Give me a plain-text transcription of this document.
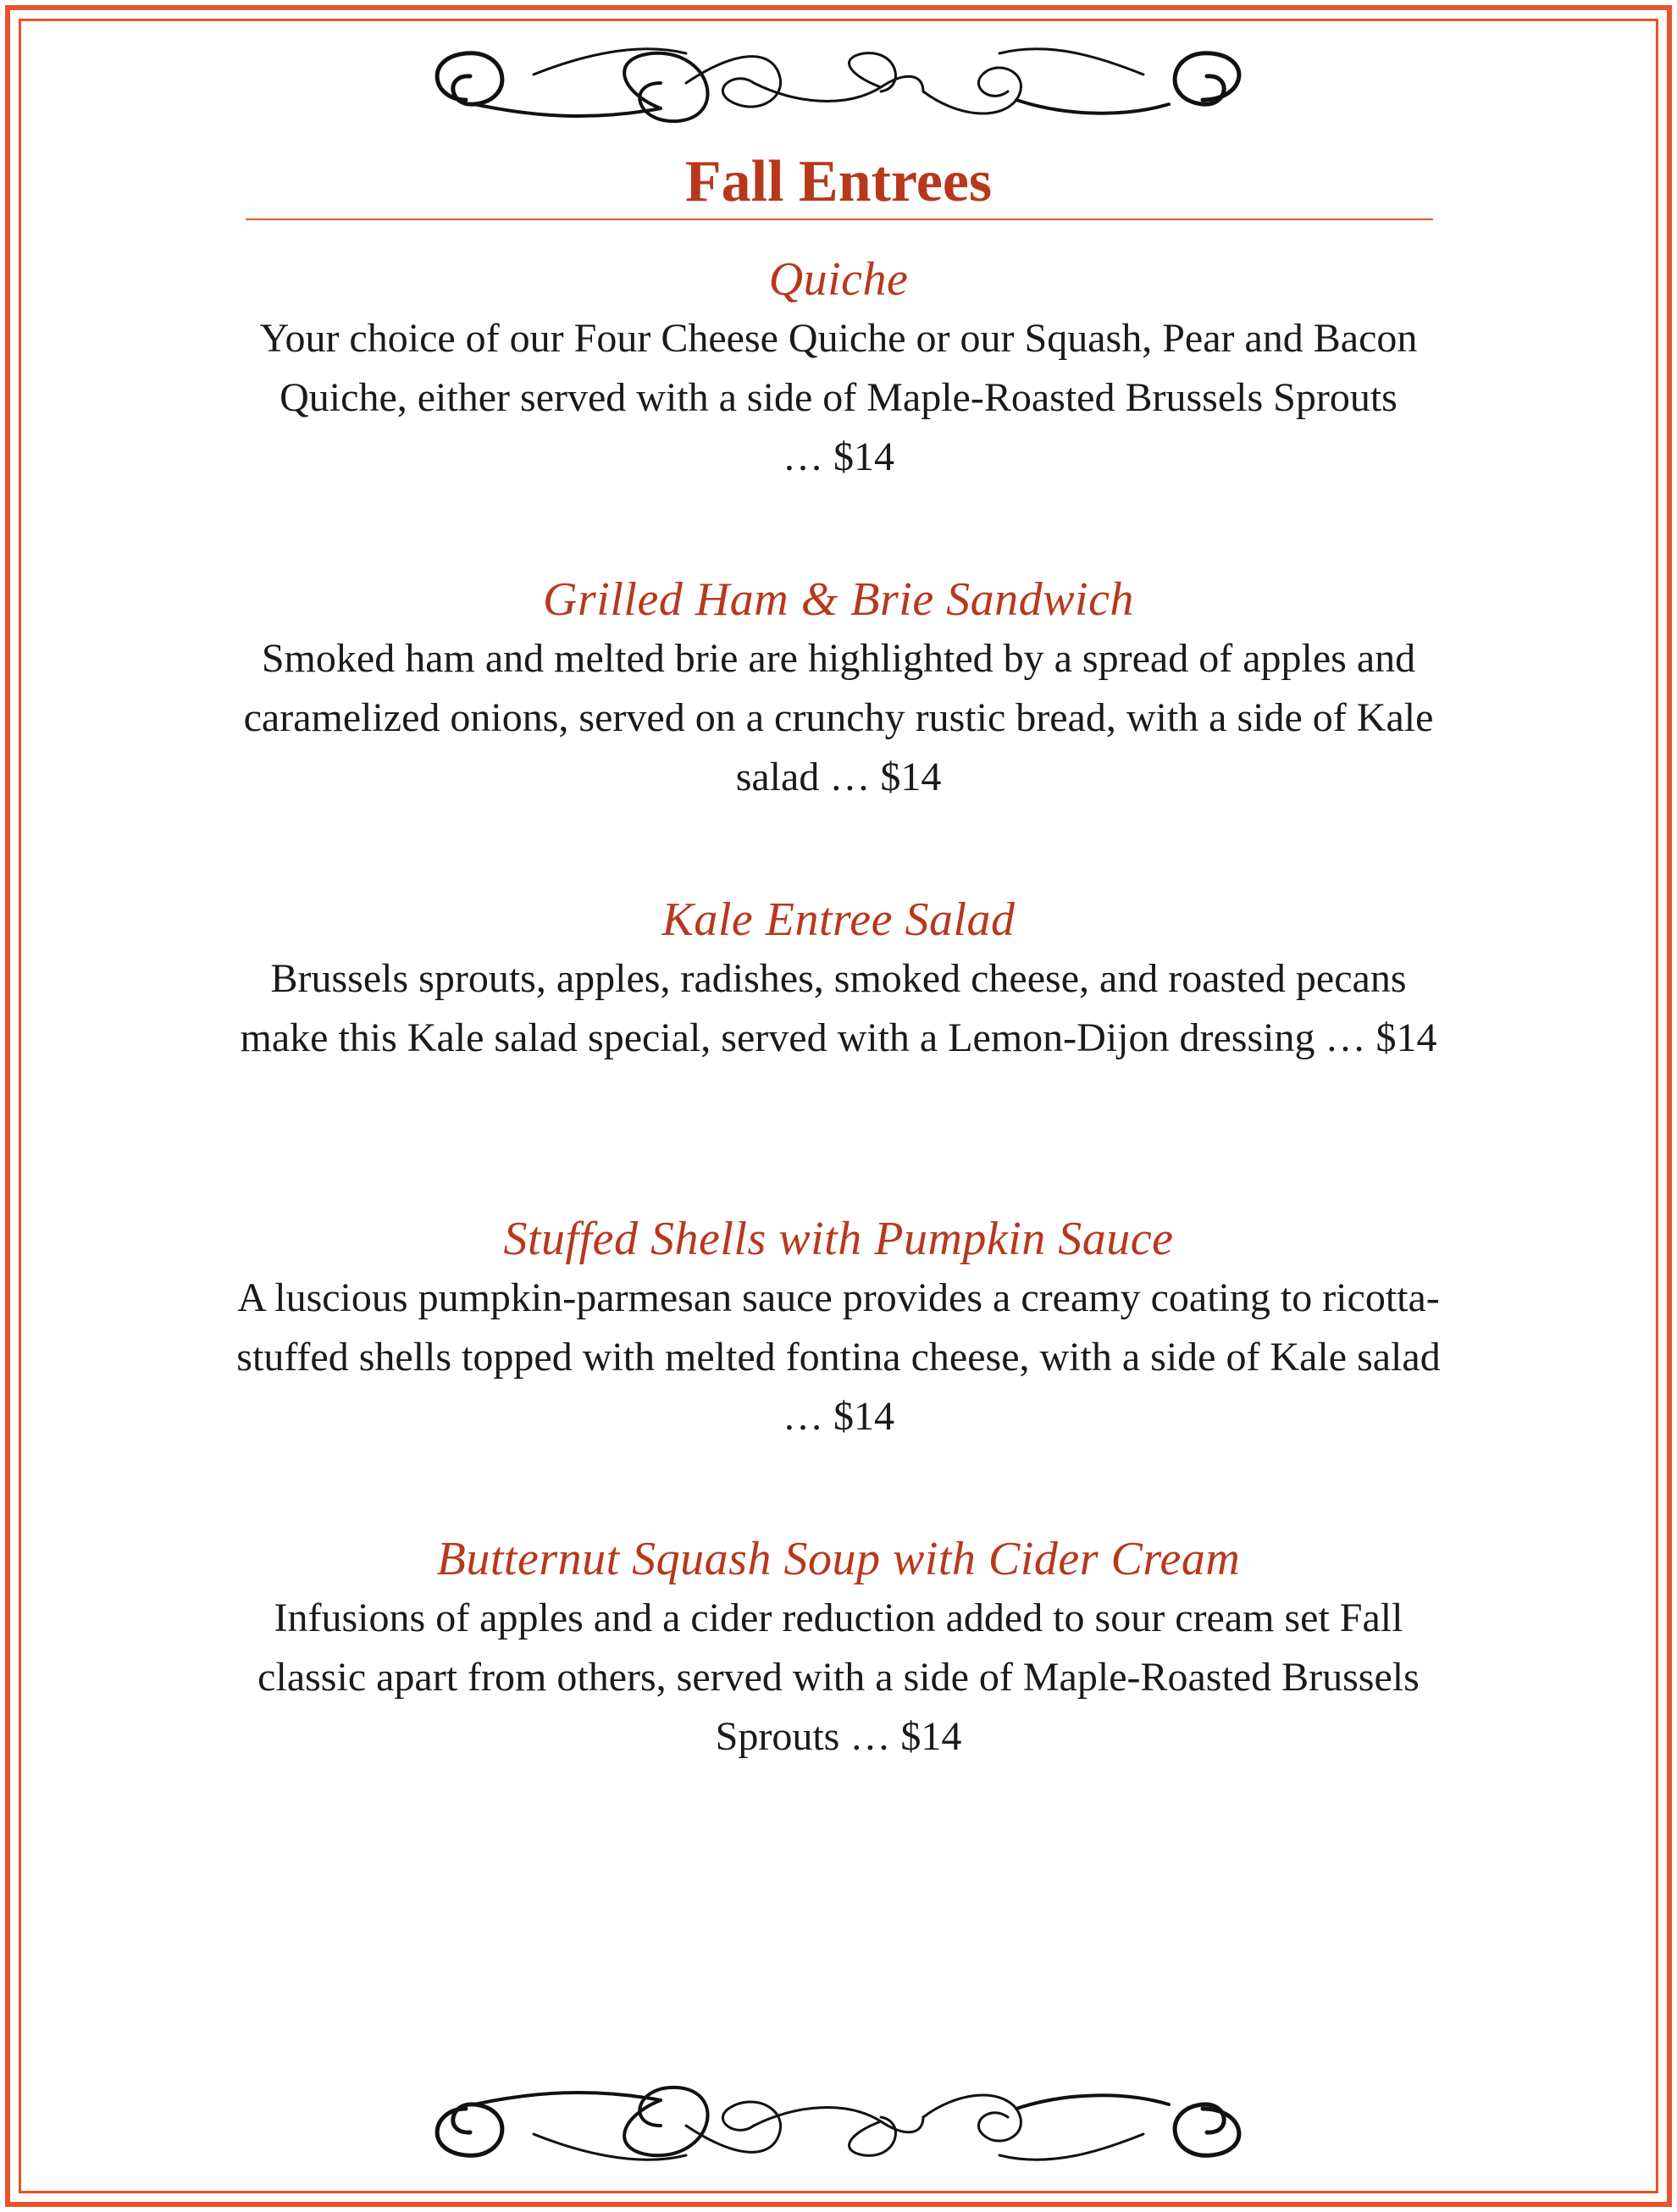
Fall Entrees
Quiche
Your choice of our Four Cheese Quiche or our Squash, Pear and Bacon Quiche, either served with a side of Maple-Roasted Brussels Sprouts … $14
Grilled Ham & Brie Sandwich
Smoked ham and melted brie are highlighted by a spread of apples and caramelized onions, served on a crunchy rustic bread, with a side of Kale salad … $14
Kale Entree Salad
Brussels sprouts, apples, radishes, smoked cheese, and roasted pecans make this Kale salad special, served with a Lemon-Dijon dressing … $14
Stuffed Shells with Pumpkin Sauce
A luscious pumpkin-parmesan sauce provides a creamy coating to ricotta-stuffed shells topped with melted fontina cheese, with a side of Kale salad … $14
Butternut Squash Soup with Cider Cream
Infusions of apples and a cider reduction added to sour cream set Fall classic apart from others, served with a side of Maple-Roasted Brussels Sprouts … $14
